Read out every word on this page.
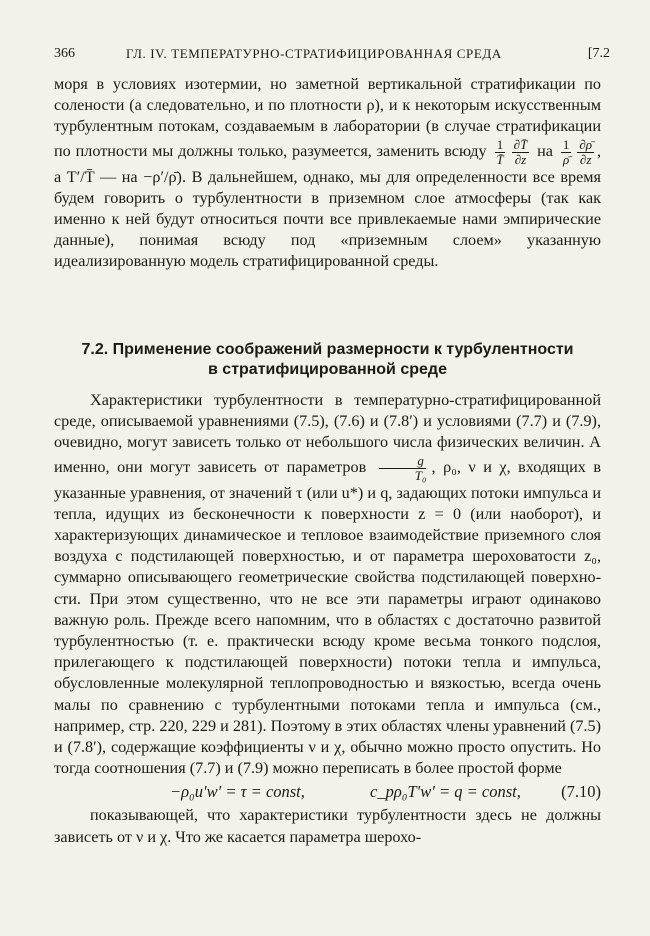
366	ГЛ. IV. ТЕМПЕРАТУРНО-СТРАТИФИЦИРОВАННАЯ СРЕДА	[7.2

моря в условиях изотермии, но заметной вертикальной стратификации по солености (а следовательно, и по плотности ρ), и к некоторым искусственным турбулентным потокам, создаваемым в лаборатории (в случае стратификации по плотности мы должны только, разумеется, заменить всюду $\frac{1}{T̄} \frac{\partial T̄}{\partial z}$ на $\frac{1}{\rhō} \frac{\partial\rhō}{\partial z}$ , а T′/T̄ — на −ρ′/ρ̄). В дальнейшем, однако, мы для определенности все время будем говорить о турбулентности в приземном слое атмосферы (так как именно к ней будут относиться почти все привлекаемые нами эмпирические данные), понимая всюду под «приземным слоем» указанную идеализированную модель стратифицированной среды.

7.2. Применение соображений размерности к турбулентности
в стратифицированной среде

Характеристики турбулентности в температурно-стратифицированной среде, описываемой уравнениями (7.5), (7.6) и (7.8′) и условиями (7.7) и (7.9), очевидно, могут зависеть только от небольшого числа физических величин. А именно, они могут зависеть от параметров $\frac{g}{\text{T₀}}$ , ρ₀, ν и χ, входящих в указанные уравнения, от значений τ (или u*) и q, задающих потоки импульса и тепла, идущих из бесконечности к поверхности z = 0 (или наоборот), и характеризующих динамическое и тепловое взаимодействие приземного слоя воздуха с подстилающей поверхностью, и от параметра шероховатости z₀, суммарно описывающего геометрические свойства подстилающей поверхности. При этом существенно, что не все эти параметры играют одинаково важную роль. Прежде всего напомним, что в областях с достаточно развитой турбулентностью (т. е. практически всюду кроме весьма тонкого подслоя, прилегающего к подстилающей поверхности) потоки тепла и импульса, обусловленные молекулярной теплопроводностью и вязкостью, всегда очень малы по сравнению с турбулентными потоками тепла и импульса (см., например, стр. 220, 229 и 281). Поэтому в этих областях члены уравнений (7.5) и (7.8′), содержащие коэффициенты ν и χ, обычно можно просто опустить. Но тогда соотношения (7.7) и (7.9) можно переписать в более простой форме

−ρ₀u′w′ = τ = const,	c_pρ₀T′w′ = q = const,	(7.10)

показывающей, что характеристики турбулентности здесь не должны зависеть от ν и χ. Что же касается параметра шерохо-
